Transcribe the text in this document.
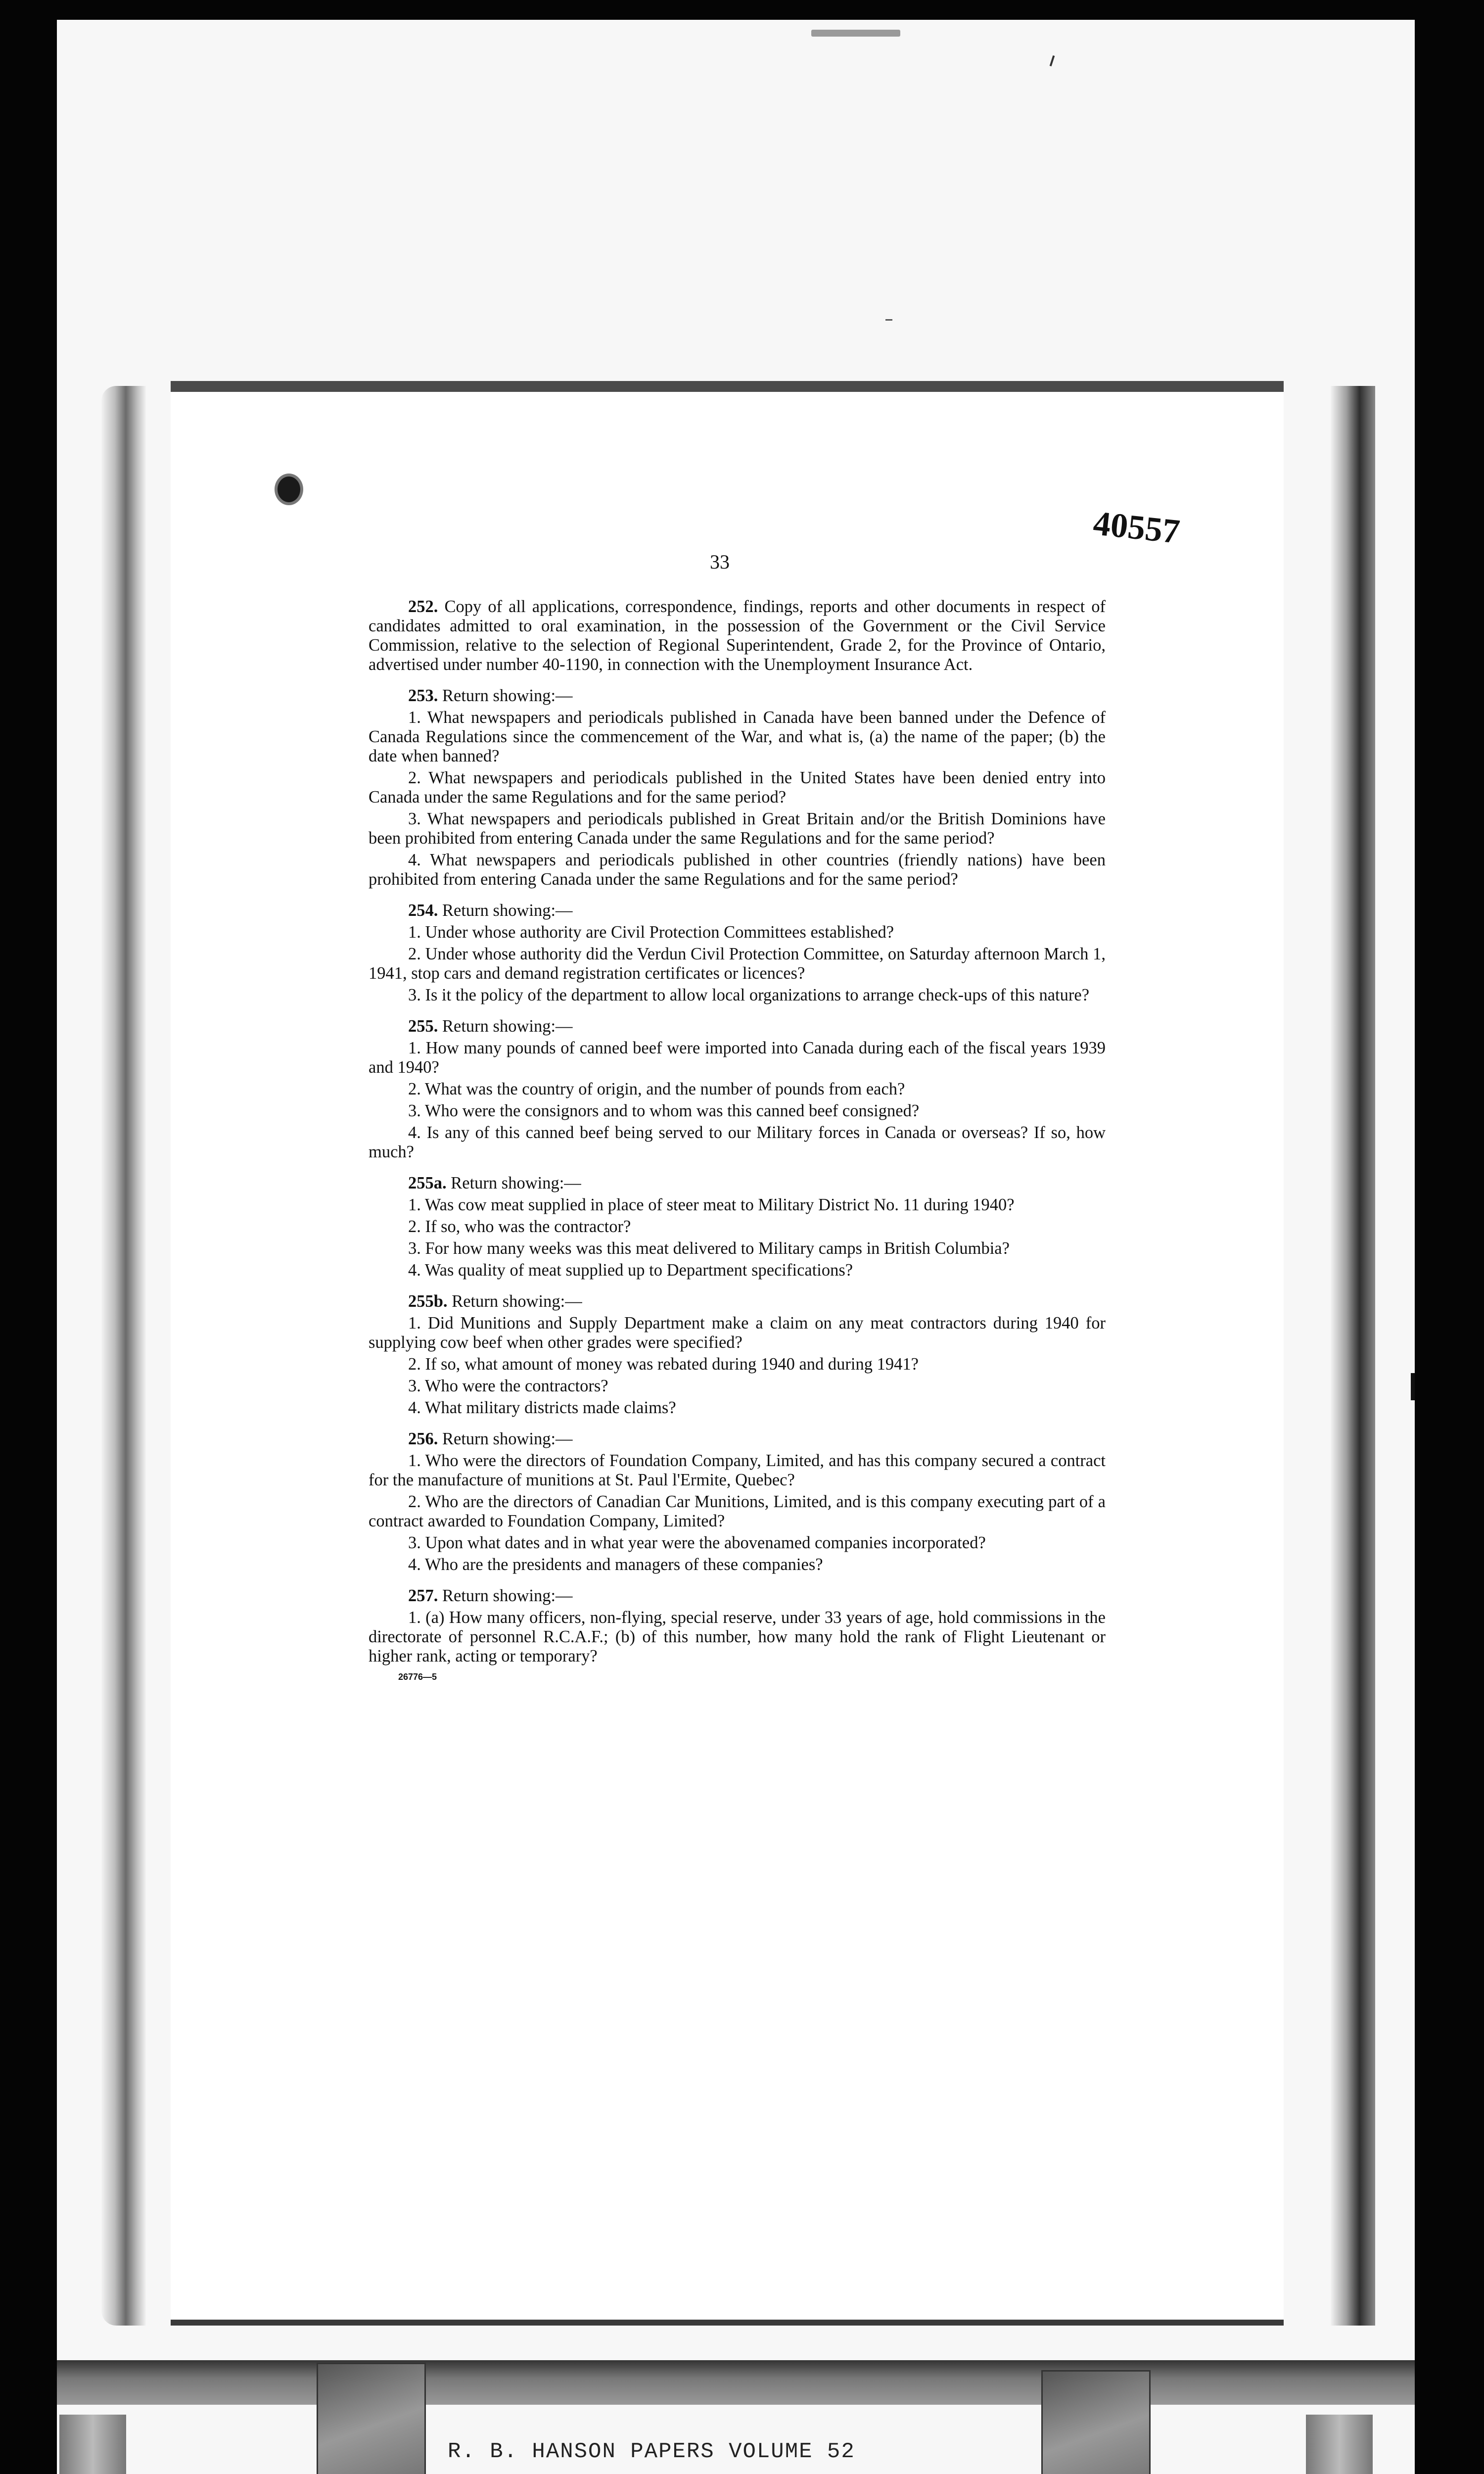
40557
33

252. Copy of all applications, correspondence, findings, reports and other documents in respect of candidates admitted to oral examination, in the possession of the Government or the Civil Service Commission, relative to the selection of Regional Superintendent, Grade 2, for the Province of Ontario, advertised under number 40-1190, in connection with the Unemployment Insurance Act.

253. Return showing:—

1. What newspapers and periodicals published in Canada have been banned under the Defence of Canada Regulations since the commencement of the War, and what is, (a) the name of the paper; (b) the date when banned?

2. What newspapers and periodicals published in the United States have been denied entry into Canada under the same Regulations and for the same period?

3. What newspapers and periodicals published in Great Britain and/or the British Dominions have been prohibited from entering Canada under the same Regulations and for the same period?

4. What newspapers and periodicals published in other countries (friendly nations) have been prohibited from entering Canada under the same Regulations and for the same period?

254. Return showing:—

1. Under whose authority are Civil Protection Committees established?

2. Under whose authority did the Verdun Civil Protection Committee, on Saturday afternoon March 1, 1941, stop cars and demand registration certificates or licences?

3. Is it the policy of the department to allow local organizations to arrange check-ups of this nature?

255. Return showing:—

1. How many pounds of canned beef were imported into Canada during each of the fiscal years 1939 and 1940?

2. What was the country of origin, and the number of pounds from each?

3. Who were the consignors and to whom was this canned beef consigned?

4. Is any of this canned beef being served to our Military forces in Canada or overseas? If so, how much?

255a. Return showing:—

1. Was cow meat supplied in place of steer meat to Military District No. 11 during 1940?

2. If so, who was the contractor?

3. For how many weeks was this meat delivered to Military camps in British Columbia?

4. Was quality of meat supplied up to Department specifications?

255b. Return showing:—

1. Did Munitions and Supply Department make a claim on any meat contractors during 1940 for supplying cow beef when other grades were specified?

2. If so, what amount of money was rebated during 1940 and during 1941?

3. Who were the contractors?

4. What military districts made claims?

256. Return showing:—

1. Who were the directors of Foundation Company, Limited, and has this company secured a contract for the manufacture of munitions at St. Paul l'Ermite, Quebec?

2. Who are the directors of Canadian Car Munitions, Limited, and is this company executing part of a contract awarded to Foundation Company, Limited?

3. Upon what dates and in what year were the abovenamed companies incorporated?

4. Who are the presidents and managers of these companies?

257. Return showing:—

1. (a) How many officers, non-flying, special reserve, under 33 years of age, hold commissions in the directorate of personnel R.C.A.F.; (b) of this number, how many hold the rank of Flight Lieutenant or higher rank, acting or temporary?

26776—5
R. B. HANSON PAPERS VOLUME 52
